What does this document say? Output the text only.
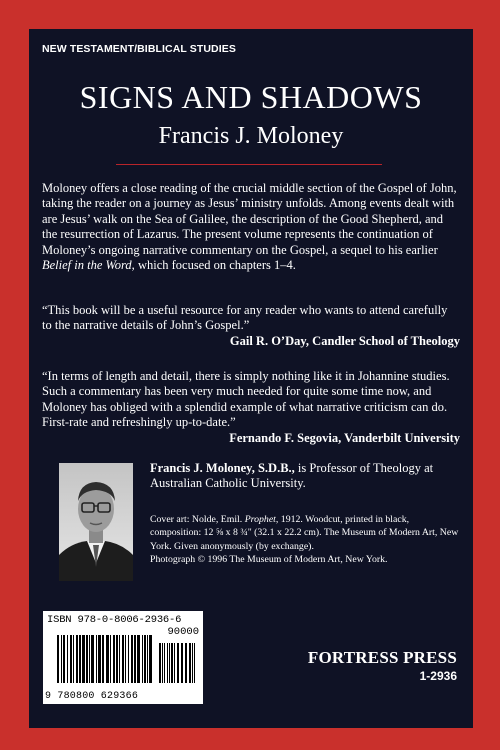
NEW TESTAMENT/BIBLICAL STUDIES
SIGNS AND SHADOWS
Francis J. Moloney

Moloney offers a close reading of the crucial middle section of the Gospel of John, taking the reader on a journey as Jesus’ ministry unfolds. Among events dealt with are Jesus’ walk on the Sea of Galilee, the description of the Good Shepherd, and the resurrection of Lazarus. The present volume represents the continuation of Moloney’s ongoing narrative commentary on the Gospel, a sequel to his earlier Belief in the Word, which focused on chapters 1–4.

“This book will be a useful resource for any reader who wants to attend carefully to the narrative details of John’s Gospel.”
Gail R. O’Day, Candler School of Theology
“In terms of length and detail, there is simply nothing like it in Johannine studies. Such a commentary has been very much needed for quite some time now, and Moloney has obliged with a splendid example of what narrative criticism can do. First-rate and refreshingly up-to-date.”
Fernando F. Segovia, Vanderbilt University

Francis J. Moloney, S.D.B., is Professor of Theology at Australian Catholic University.

Cover art: Nolde, Emil. Prophet, 1912. Woodcut, printed in black, composition: 12 ⅝ x 8 ¾" (32.1 x 22.2 cm). The Museum of Modern Art, New York. Given anonymously (by exchange).
Photograph © 1996 The Museum of Modern Art, New York.
ISBN 978-0-8006-2936-6
90000
9 780800 629366
FORTRESS PRESS
1-2936
